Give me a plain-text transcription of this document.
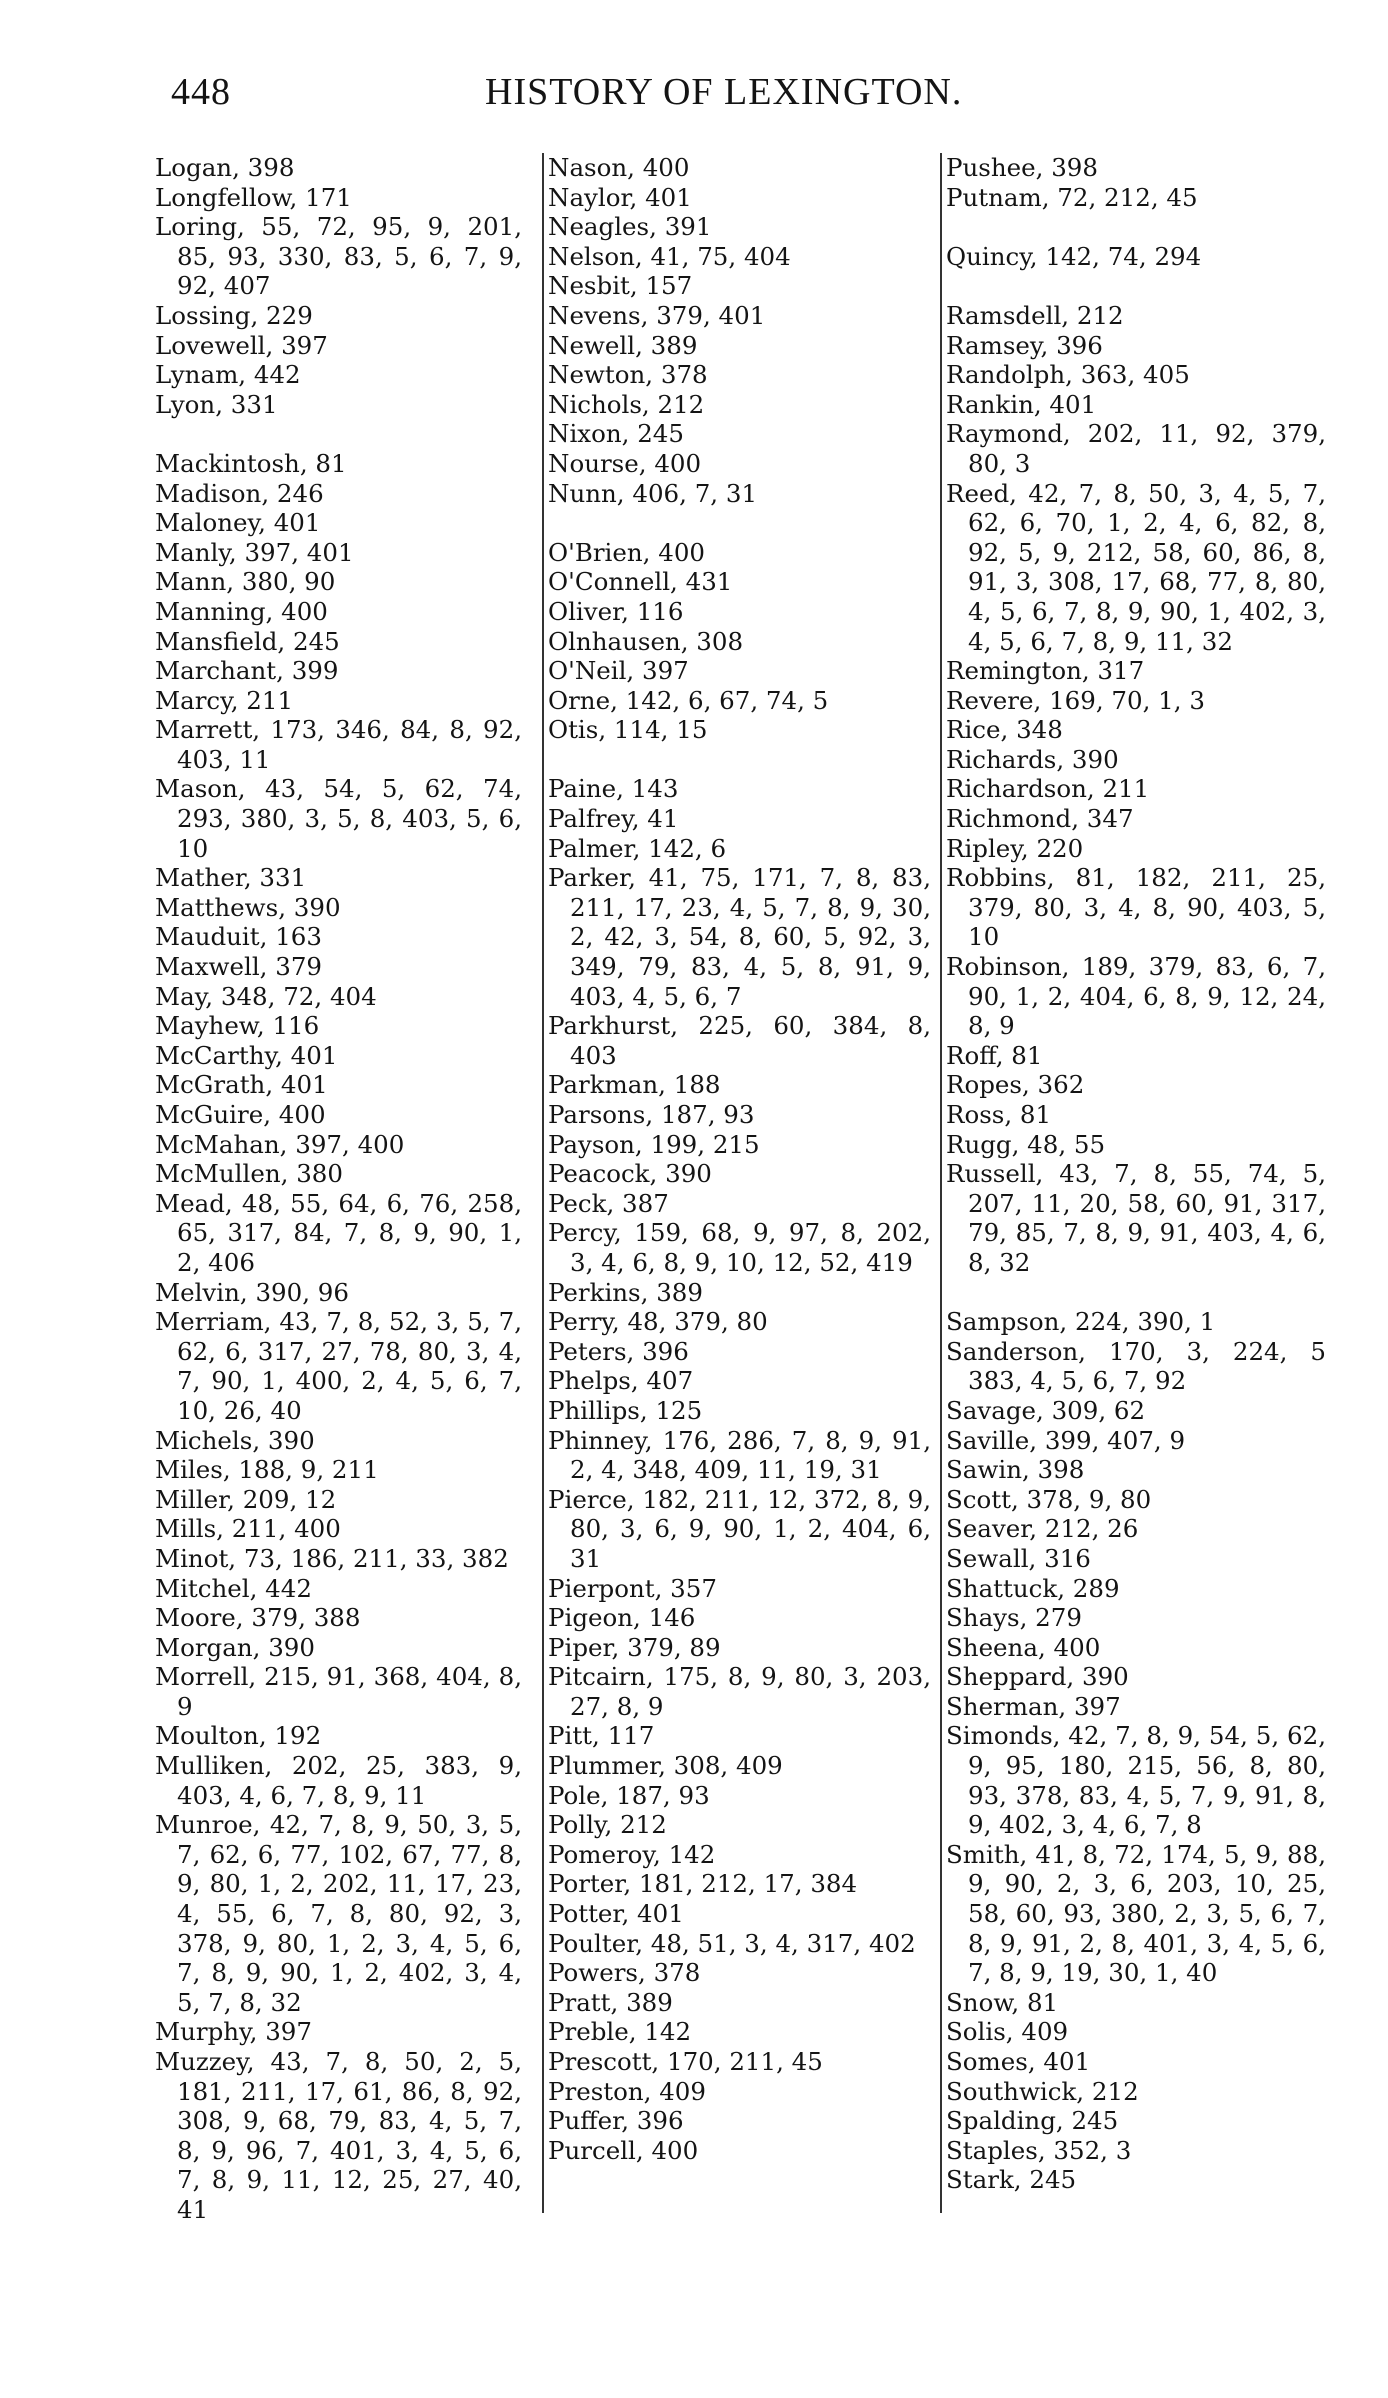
448	HISTORY OF LEXINGTON.
Logan, 398
Longfellow, 171
Loring, 55, 72, 95, 9, 201, 85, 93, 330, 83, 5, 6, 7, 9, 92, 407
Lossing, 229
Lovewell, 397
Lynam, 442
Lyon, 331
Mackintosh, 81
Madison, 246
Maloney, 401
Manly, 397, 401
Mann, 380, 90
Manning, 400
Mansfield, 245
Marchant, 399
Marcy, 211
Marrett, 173, 346, 84, 8, 92, 403, 11
Mason, 43, 54, 5, 62, 74, 293, 380, 3, 5, 8, 403, 5, 6, 10
Mather, 331
Matthews, 390
Mauduit, 163
Maxwell, 379
May, 348, 72, 404
Mayhew, 116
McCarthy, 401
McGrath, 401
McGuire, 400
McMahan, 397, 400
McMullen, 380
Mead, 48, 55, 64, 6, 76, 258, 65, 317, 84, 7, 8, 9, 90, 1, 2, 406
Melvin, 390, 96
Merriam, 43, 7, 8, 52, 3, 5, 7, 62, 6, 317, 27, 78, 80, 3, 4, 7, 90, 1, 400, 2, 4, 5, 6, 7, 10, 26, 40
Michels, 390
Miles, 188, 9, 211
Miller, 209, 12
Mills, 211, 400
Minot, 73, 186, 211, 33, 382
Mitchel, 442
Moore, 379, 388
Morgan, 390
Morrell, 215, 91, 368, 404, 8, 9
Moulton, 192
Mulliken, 202, 25, 383, 9, 403, 4, 6, 7, 8, 9, 11
Munroe, 42, 7, 8, 9, 50, 3, 5, 7, 62, 6, 77, 102, 67, 77, 8, 9, 80, 1, 2, 202, 11, 17, 23, 4, 55, 6, 7, 8, 80, 92, 3, 378, 9, 80, 1, 2, 3, 4, 5, 6, 7, 8, 9, 90, 1, 2, 402, 3, 4, 5, 7, 8, 32
Murphy, 397
Muzzey, 43, 7, 8, 50, 2, 5, 181, 211, 17, 61, 86, 8, 92, 308, 9, 68, 79, 83, 4, 5, 7, 8, 9, 96, 7, 401, 3, 4, 5, 6, 7, 8, 9, 11, 12, 25, 27, 40, 41
Nason, 400
Naylor, 401
Neagles, 391
Nelson, 41, 75, 404
Nesbit, 157
Nevens, 379, 401
Newell, 389
Newton, 378
Nichols, 212
Nixon, 245
Nourse, 400
Nunn, 406, 7, 31
O'Brien, 400
O'Connell, 431
Oliver, 116
Olnhausen, 308
O'Neil, 397
Orne, 142, 6, 67, 74, 5
Otis, 114, 15
Paine, 143
Palfrey, 41
Palmer, 142, 6
Parker, 41, 75, 171, 7, 8, 83, 211, 17, 23, 4, 5, 7, 8, 9, 30, 2, 42, 3, 54, 8, 60, 5, 92, 3, 349, 79, 83, 4, 5, 8, 91, 9, 403, 4, 5, 6, 7
Parkhurst, 225, 60, 384, 8, 403
Parkman, 188
Parsons, 187, 93
Payson, 199, 215
Peacock, 390
Peck, 387
Percy, 159, 68, 9, 97, 8, 202, 3, 4, 6, 8, 9, 10, 12, 52, 419
Perkins, 389
Perry, 48, 379, 80
Peters, 396
Phelps, 407
Phillips, 125
Phinney, 176, 286, 7, 8, 9, 91, 2, 4, 348, 409, 11, 19, 31
Pierce, 182, 211, 12, 372, 8, 9, 80, 3, 6, 9, 90, 1, 2, 404, 6, 31
Pierpont, 357
Pigeon, 146
Piper, 379, 89
Pitcairn, 175, 8, 9, 80, 3, 203, 27, 8, 9
Pitt, 117
Plummer, 308, 409
Pole, 187, 93
Polly, 212
Pomeroy, 142
Porter, 181, 212, 17, 384
Potter, 401
Poulter, 48, 51, 3, 4, 317, 402
Powers, 378
Pratt, 389
Preble, 142
Prescott, 170, 211, 45
Preston, 409
Puffer, 396
Purcell, 400
Pushee, 398
Putnam, 72, 212, 45
Quincy, 142, 74, 294
Ramsdell, 212
Ramsey, 396
Randolph, 363, 405
Rankin, 401
Raymond, 202, 11, 92, 379, 80, 3
Reed, 42, 7, 8, 50, 3, 4, 5, 7, 62, 6, 70, 1, 2, 4, 6, 82, 8, 92, 5, 9, 212, 58, 60, 86, 8, 91, 3, 308, 17, 68, 77, 8, 80, 4, 5, 6, 7, 8, 9, 90, 1, 402, 3, 4, 5, 6, 7, 8, 9, 11, 32
Remington, 317
Revere, 169, 70, 1, 3
Rice, 348
Richards, 390
Richardson, 211
Richmond, 347
Ripley, 220
Robbins, 81, 182, 211, 25, 379, 80, 3, 4, 8, 90, 403, 5, 10
Robinson, 189, 379, 83, 6, 7, 90, 1, 2, 404, 6, 8, 9, 12, 24, 8, 9
Roff, 81
Ropes, 362
Ross, 81
Rugg, 48, 55
Russell, 43, 7, 8, 55, 74, 5, 207, 11, 20, 58, 60, 91, 317, 79, 85, 7, 8, 9, 91, 403, 4, 6, 8, 32
Sampson, 224, 390, 1
Sanderson, 170, 3, 224, 5 383, 4, 5, 6, 7, 92
Savage, 309, 62
Saville, 399, 407, 9
Sawin, 398
Scott, 378, 9, 80
Seaver, 212, 26
Sewall, 316
Shattuck, 289
Shays, 279
Sheena, 400
Sheppard, 390
Sherman, 397
Simonds, 42, 7, 8, 9, 54, 5, 62, 9, 95, 180, 215, 56, 8, 80, 93, 378, 83, 4, 5, 7, 9, 91, 8, 9, 402, 3, 4, 6, 7, 8
Smith, 41, 8, 72, 174, 5, 9, 88, 9, 90, 2, 3, 6, 203, 10, 25, 58, 60, 93, 380, 2, 3, 5, 6, 7, 8, 9, 91, 2, 8, 401, 3, 4, 5, 6, 7, 8, 9, 19, 30, 1, 40
Snow, 81
Solis, 409
Somes, 401
Southwick, 212
Spalding, 245
Staples, 352, 3
Stark, 245
